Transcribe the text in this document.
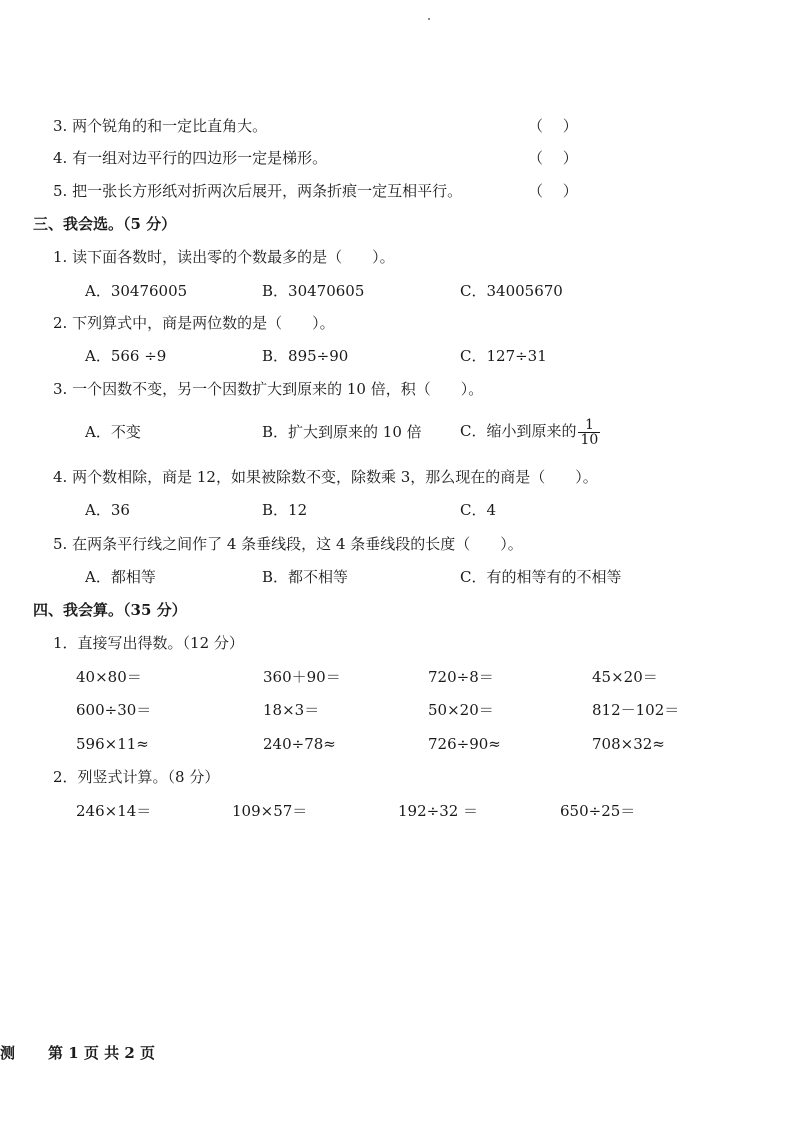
3. 两个锐角的和一定比直角大。	（　 ）
4. 有一组对边平行的四边形一定是梯形。	（　 ）
5. 把一张长方形纸对折两次后展开，两条折痕一定互相平行。	（　 ）
三、我会选。（5 分）
1. 读下面各数时，读出零的个数最多的是（　　）。
A．30476005	B．30470605	C．34005670
2. 下列算式中，商是两位数的是（　　）。
A．566 ÷9	B．895÷90	C．127÷31
3. 一个因数不变，另一个因数扩大到原来的 10 倍，积（　　）。
A．不变	B．扩大到原来的 10 倍	C．缩小到原来的 $\frac{1}{10}$
4. 两个数相除，商是 12，如果被除数不变，除数乘 3，那么现在的商是（　　）。
A．36	B．12	C．4
5. 在两条平行线之间作了 4 条垂线段，这 4 条垂线段的长度（　　）。
A．都相等	B．都不相等	C．有的相等有的不相等
四、我会算。（35 分）
1．直接写出得数。（12 分）
40×80＝	360＋90＝	720÷8＝	45×20＝
600÷30＝	18×3＝	50×20＝	812－102＝
596×11≈	240÷78≈	726÷90≈	708×32≈
2．列竖式计算。（8 分）
246×14＝	109×57＝	192÷32 ＝	650÷25＝
测 第 1 页 共 2 页
